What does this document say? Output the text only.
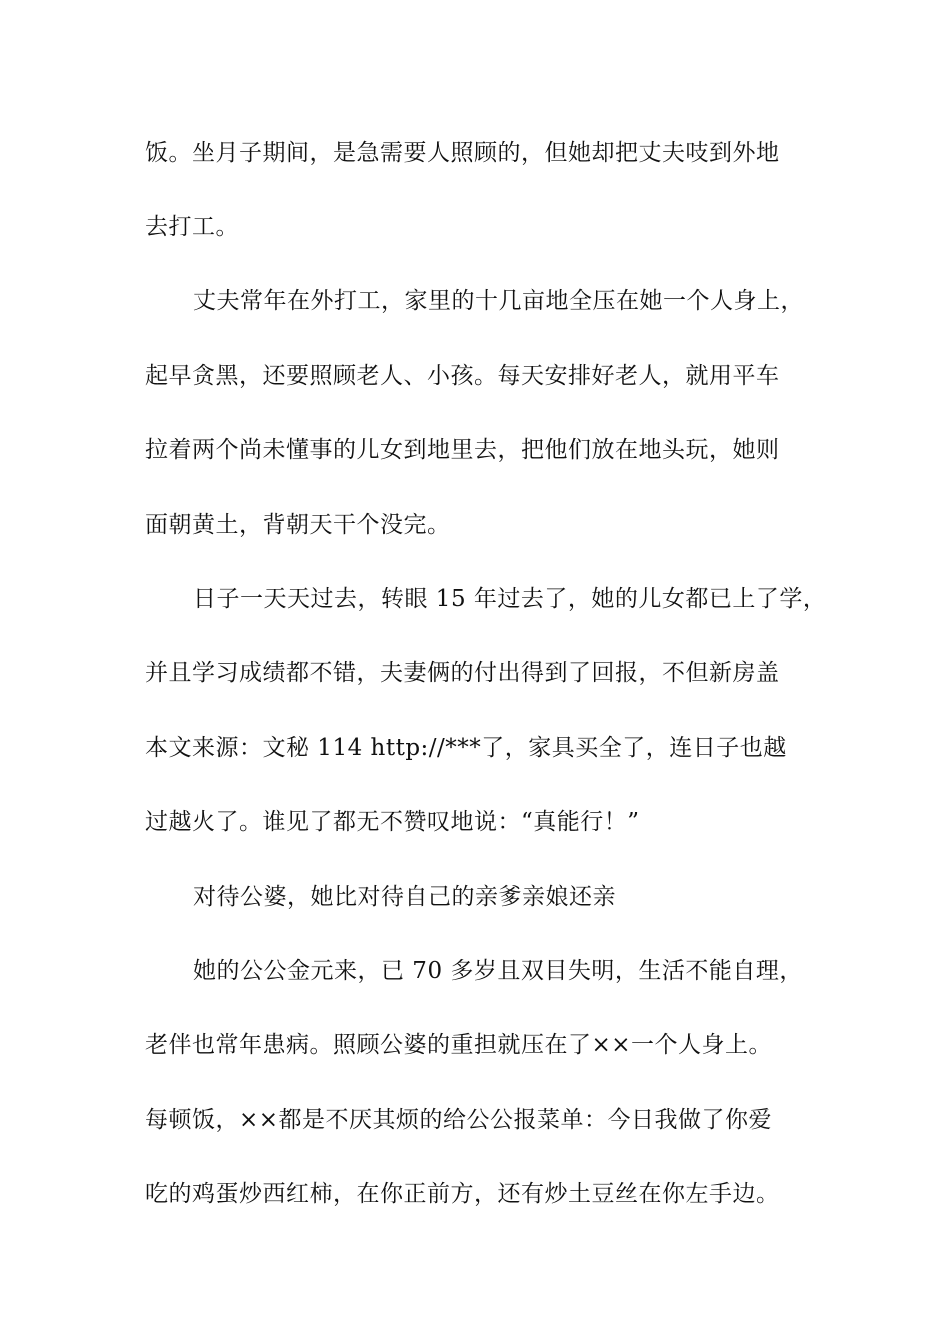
饭。坐月子期间，是急需要人照顾的，但她却把丈夫吱到外地

去打工。

丈夫常年在外打工，家里的十几亩地全压在她一个人身上，

起早贪黑，还要照顾老人、小孩。每天安排好老人，就用平车

拉着两个尚未懂事的儿女到地里去，把他们放在地头玩，她则

面朝黄土，背朝天干个没完。

日子一天天过去，转眼 15 年过去了，她的儿女都已上了学，

并且学习成绩都不错，夫妻俩的付出得到了回报，不但新房盖

本文来源：文秘 114 http://***了，家具买全了，连日子也越

过越火了。谁见了都无不赞叹地说：“真能行！”

对待公婆，她比对待自己的亲爹亲娘还亲

她的公公金元来，已 70 多岁且双目失明，生活不能自理，

老伴也常年患病。照顾公婆的重担就压在了××一个人身上。

每顿饭，××都是不厌其烦的给公公报菜单：今日我做了你爱

吃的鸡蛋炒西红柿，在你正前方，还有炒土豆丝在你左手边。
